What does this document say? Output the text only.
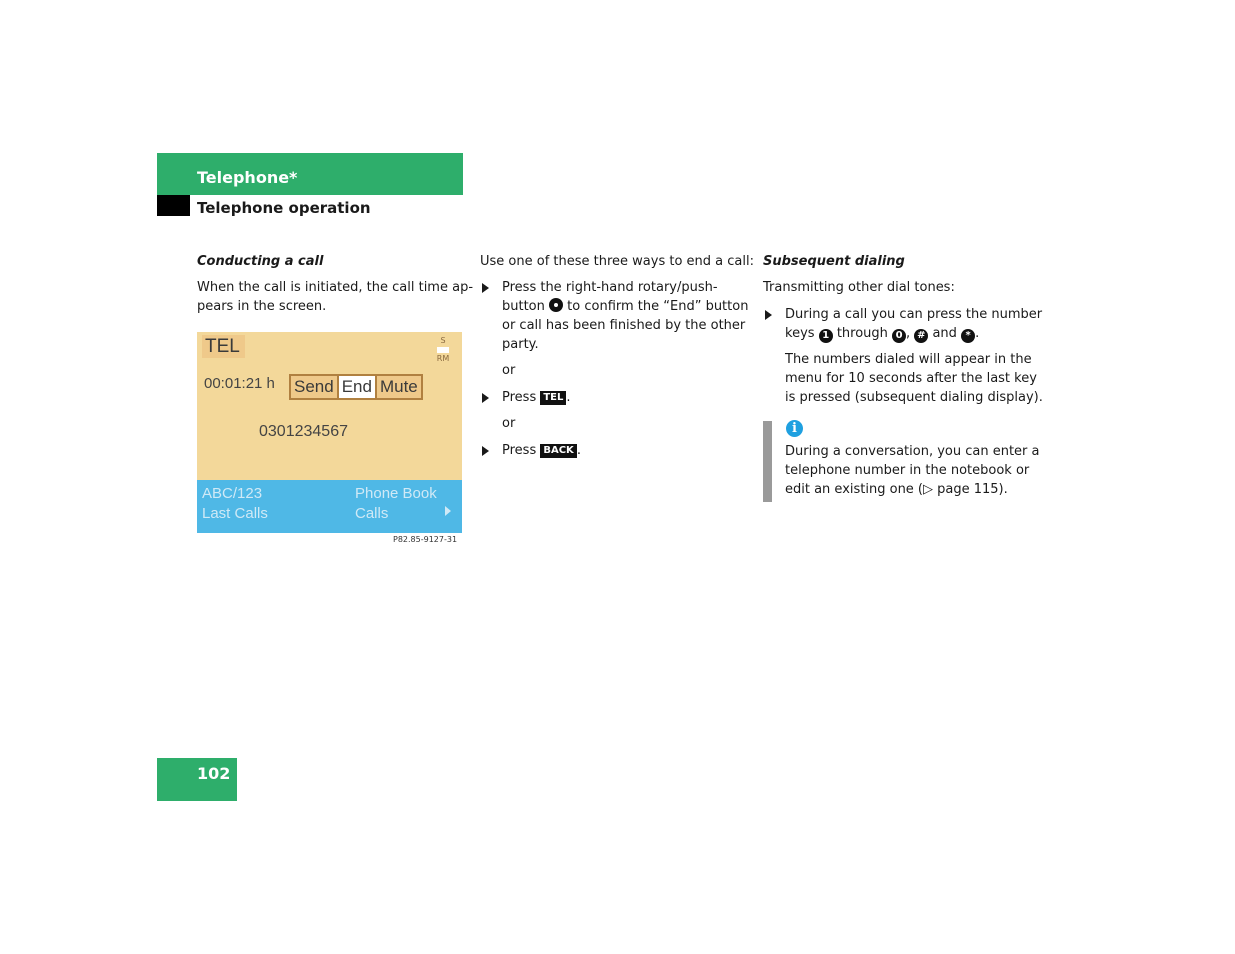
Telephone*
Telephone operation
Conducting a call
When the call is initiated, the call time ap-
pears in the screen.
TEL	S
RM
00:01:21 h Send End Mute
0301234567
ABC/123
Last Calls
Phone Book
Calls
P82.85-9127-31
Use one of these three ways to end a call:
Press the right-hand rotary/push-
button to confirm the “End” button
or call has been finished by the other
party.
or
Press TEL .
or
Press BACK .
Subsequent dialing
Transmitting other dial tones:
During a call you can press the number
keys 1 through 0 , # and * .
The numbers dialed will appear in the
menu for 10 seconds after the last key
is pressed (subsequent dialing display).
i
During a conversation, you can enter a
telephone number in the notebook or
edit an existing one (▷ page 115).
102
